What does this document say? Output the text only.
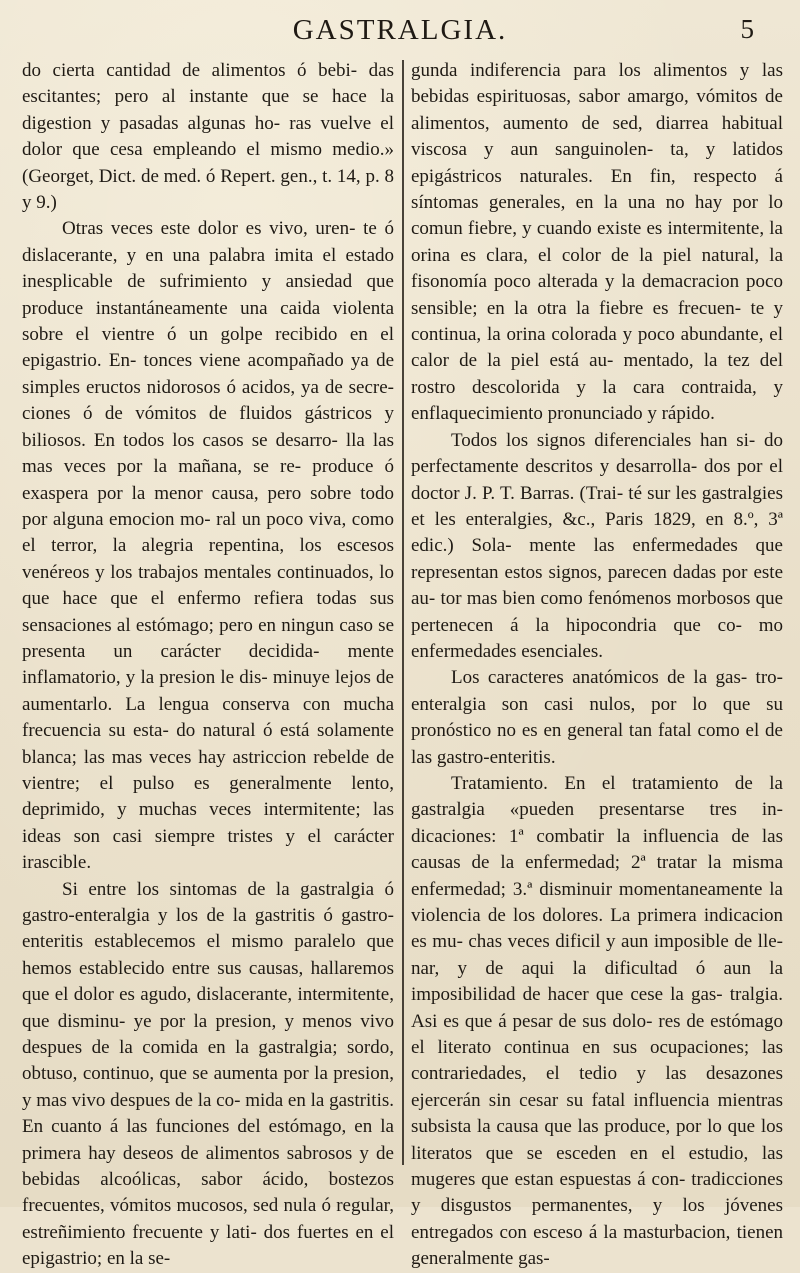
GASTRALGIA.	5

do cierta cantidad de alimentos ó bebi- das escitantes; pero al instante que se hace la digestion y pasadas algunas ho- ras vuelve el dolor que cesa empleando el mismo medio.» (Georget, Dict. de med. ó Repert. gen., t. 14, p. 8 y 9.)

Otras veces este dolor es vivo, uren- te ó dislacerante, y en una palabra imita el estado inesplicable de sufrimiento y ansiedad que produce instantáneamente una caida violenta sobre el vientre ó un golpe recibido en el epigastrio. En- tonces viene acompañado ya de simples eructos nidorosos ó acidos, ya de secre- ciones ó de vómitos de fluidos gástricos y biliosos. En todos los casos se desarro- lla las mas veces por la mañana, se re- produce ó exaspera por la menor causa, pero sobre todo por alguna emocion mo- ral un poco viva, como el terror, la alegria repentina, los escesos venéreos y los trabajos mentales continuados, lo que hace que el enfermo refiera todas sus sensaciones al estómago; pero en ningun caso se presenta un carácter decidida- mente inflamatorio, y la presion le dis- minuye lejos de aumentarlo. La lengua conserva con mucha frecuencia su esta- do natural ó está solamente blanca; las mas veces hay astriccion rebelde de vientre; el pulso es generalmente lento, deprimido, y muchas veces intermitente; las ideas son casi siempre tristes y el carácter irascible.

Si entre los sintomas de la gastralgia ó gastro-enteralgia y los de la gastritis ó gastro-enteritis establecemos el mismo paralelo que hemos establecido entre sus causas, hallaremos que el dolor es agudo, dislacerante, intermitente, que disminu- ye por la presion, y menos vivo despues de la comida en la gastralgia; sordo, obtuso, continuo, que se aumenta por la presion, y mas vivo despues de la co- mida en la gastritis. En cuanto á las funciones del estómago, en la primera hay deseos de alimentos sabrosos y de bebidas alcoólicas, sabor ácido, bostezos frecuentes, vómitos mucosos, sed nula ó regular, estreñimiento frecuente y lati- dos fuertes en el epigastrio; en la se-

gunda indiferencia para los alimentos y las bebidas espirituosas, sabor amargo, vómitos de alimentos, aumento de sed, diarrea habitual viscosa y aun sanguinolen- ta, y latidos epigástricos naturales. En fin, respecto á síntomas generales, en la una no hay por lo comun fiebre, y cuando existe es intermitente, la orina es clara, el color de la piel natural, la fisonomía poco alterada y la demacracion poco sensible; en la otra la fiebre es frecuen- te y continua, la orina colorada y poco abundante, el calor de la piel está au- mentado, la tez del rostro descolorida y la cara contraida, y enflaquecimiento pronunciado y rápido.

Todos los signos diferenciales han si- do perfectamente descritos y desarrolla- dos por el doctor J. P. T. Barras. (Trai- té sur les gastralgies et les enteralgies, &c., Paris 1829, en 8.º, 3ª edic.) Sola- mente las enfermedades que representan estos signos, parecen dadas por este au- tor mas bien como fenómenos morbosos que pertenecen á la hipocondria que co- mo enfermedades esenciales.

Los caracteres anatómicos de la gas- tro-enteralgia son casi nulos, por lo que su pronóstico no es en general tan fatal como el de las gastro-enteritis.

Tratamiento. En el tratamiento de la gastralgia «pueden presentarse tres in- dicaciones: 1ª combatir la influencia de las causas de la enfermedad; 2ª tratar la misma enfermedad; 3.ª disminuir momentaneamente la violencia de los dolores. La primera indicacion es mu- chas veces dificil y aun imposible de lle- nar, y de aqui la dificultad ó aun la imposibilidad de hacer que cese la gas- tralgia. Asi es que á pesar de sus dolo- res de estómago el literato continua en sus ocupaciones; las contrariedades, el tedio y las desazones ejercerán sin cesar su fatal influencia mientras subsista la causa que las produce, por lo que los literatos que se esceden en el estudio, las mugeres que estan espuestas á con- tradicciones y disgustos permanentes, y los jóvenes entregados con esceso á la masturbacion, tienen generalmente gas-
